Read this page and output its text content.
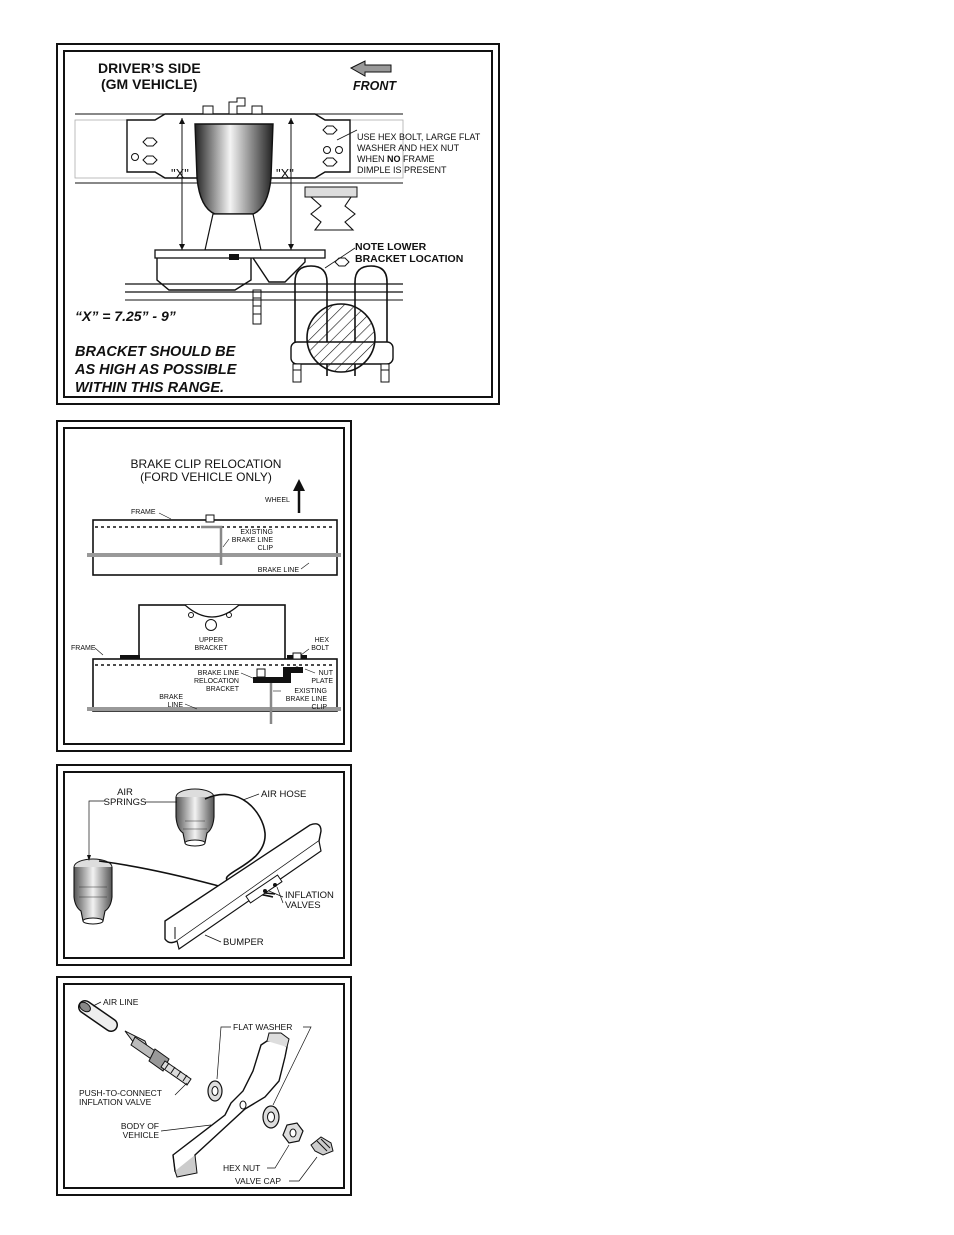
DRIVER’S SIDE
(GM VEHICLE)	FRONT
"X"	"X"
USE HEX BOLT, LARGE FLAT
WASHER AND HEX NUT
WHEN NO FRAME
DIMPLE IS PRESENT
NOTE LOWER
BRACKET LOCATION
“X” = 7.25” - 9”
BRACKET SHOULD BE
AS HIGH AS POSSIBLE
WITHIN THIS RANGE.
BRAKE CLIP RELOCATION
(FORD VEHICLE ONLY)
WHEEL
FRAME
EXISTING
BRAKE LINE
CLIP
BRAKE LINE
UPPER
BRACKET
FRAME
HEX
BOLT
NUT
PLATE
BRAKE LINE
RELOCATION
BRACKET
BRAKE
LINE
EXISTING
BRAKE LINE
CLIP
AIR
SPRINGS
AIR HOSE
INFLATION
VALVES
BUMPER
AIR LINE
FLAT WASHER
PUSH-TO-CONNECT
INFLATION VALVE
BODY OF
VEHICLE
HEX NUT
VALVE CAP
